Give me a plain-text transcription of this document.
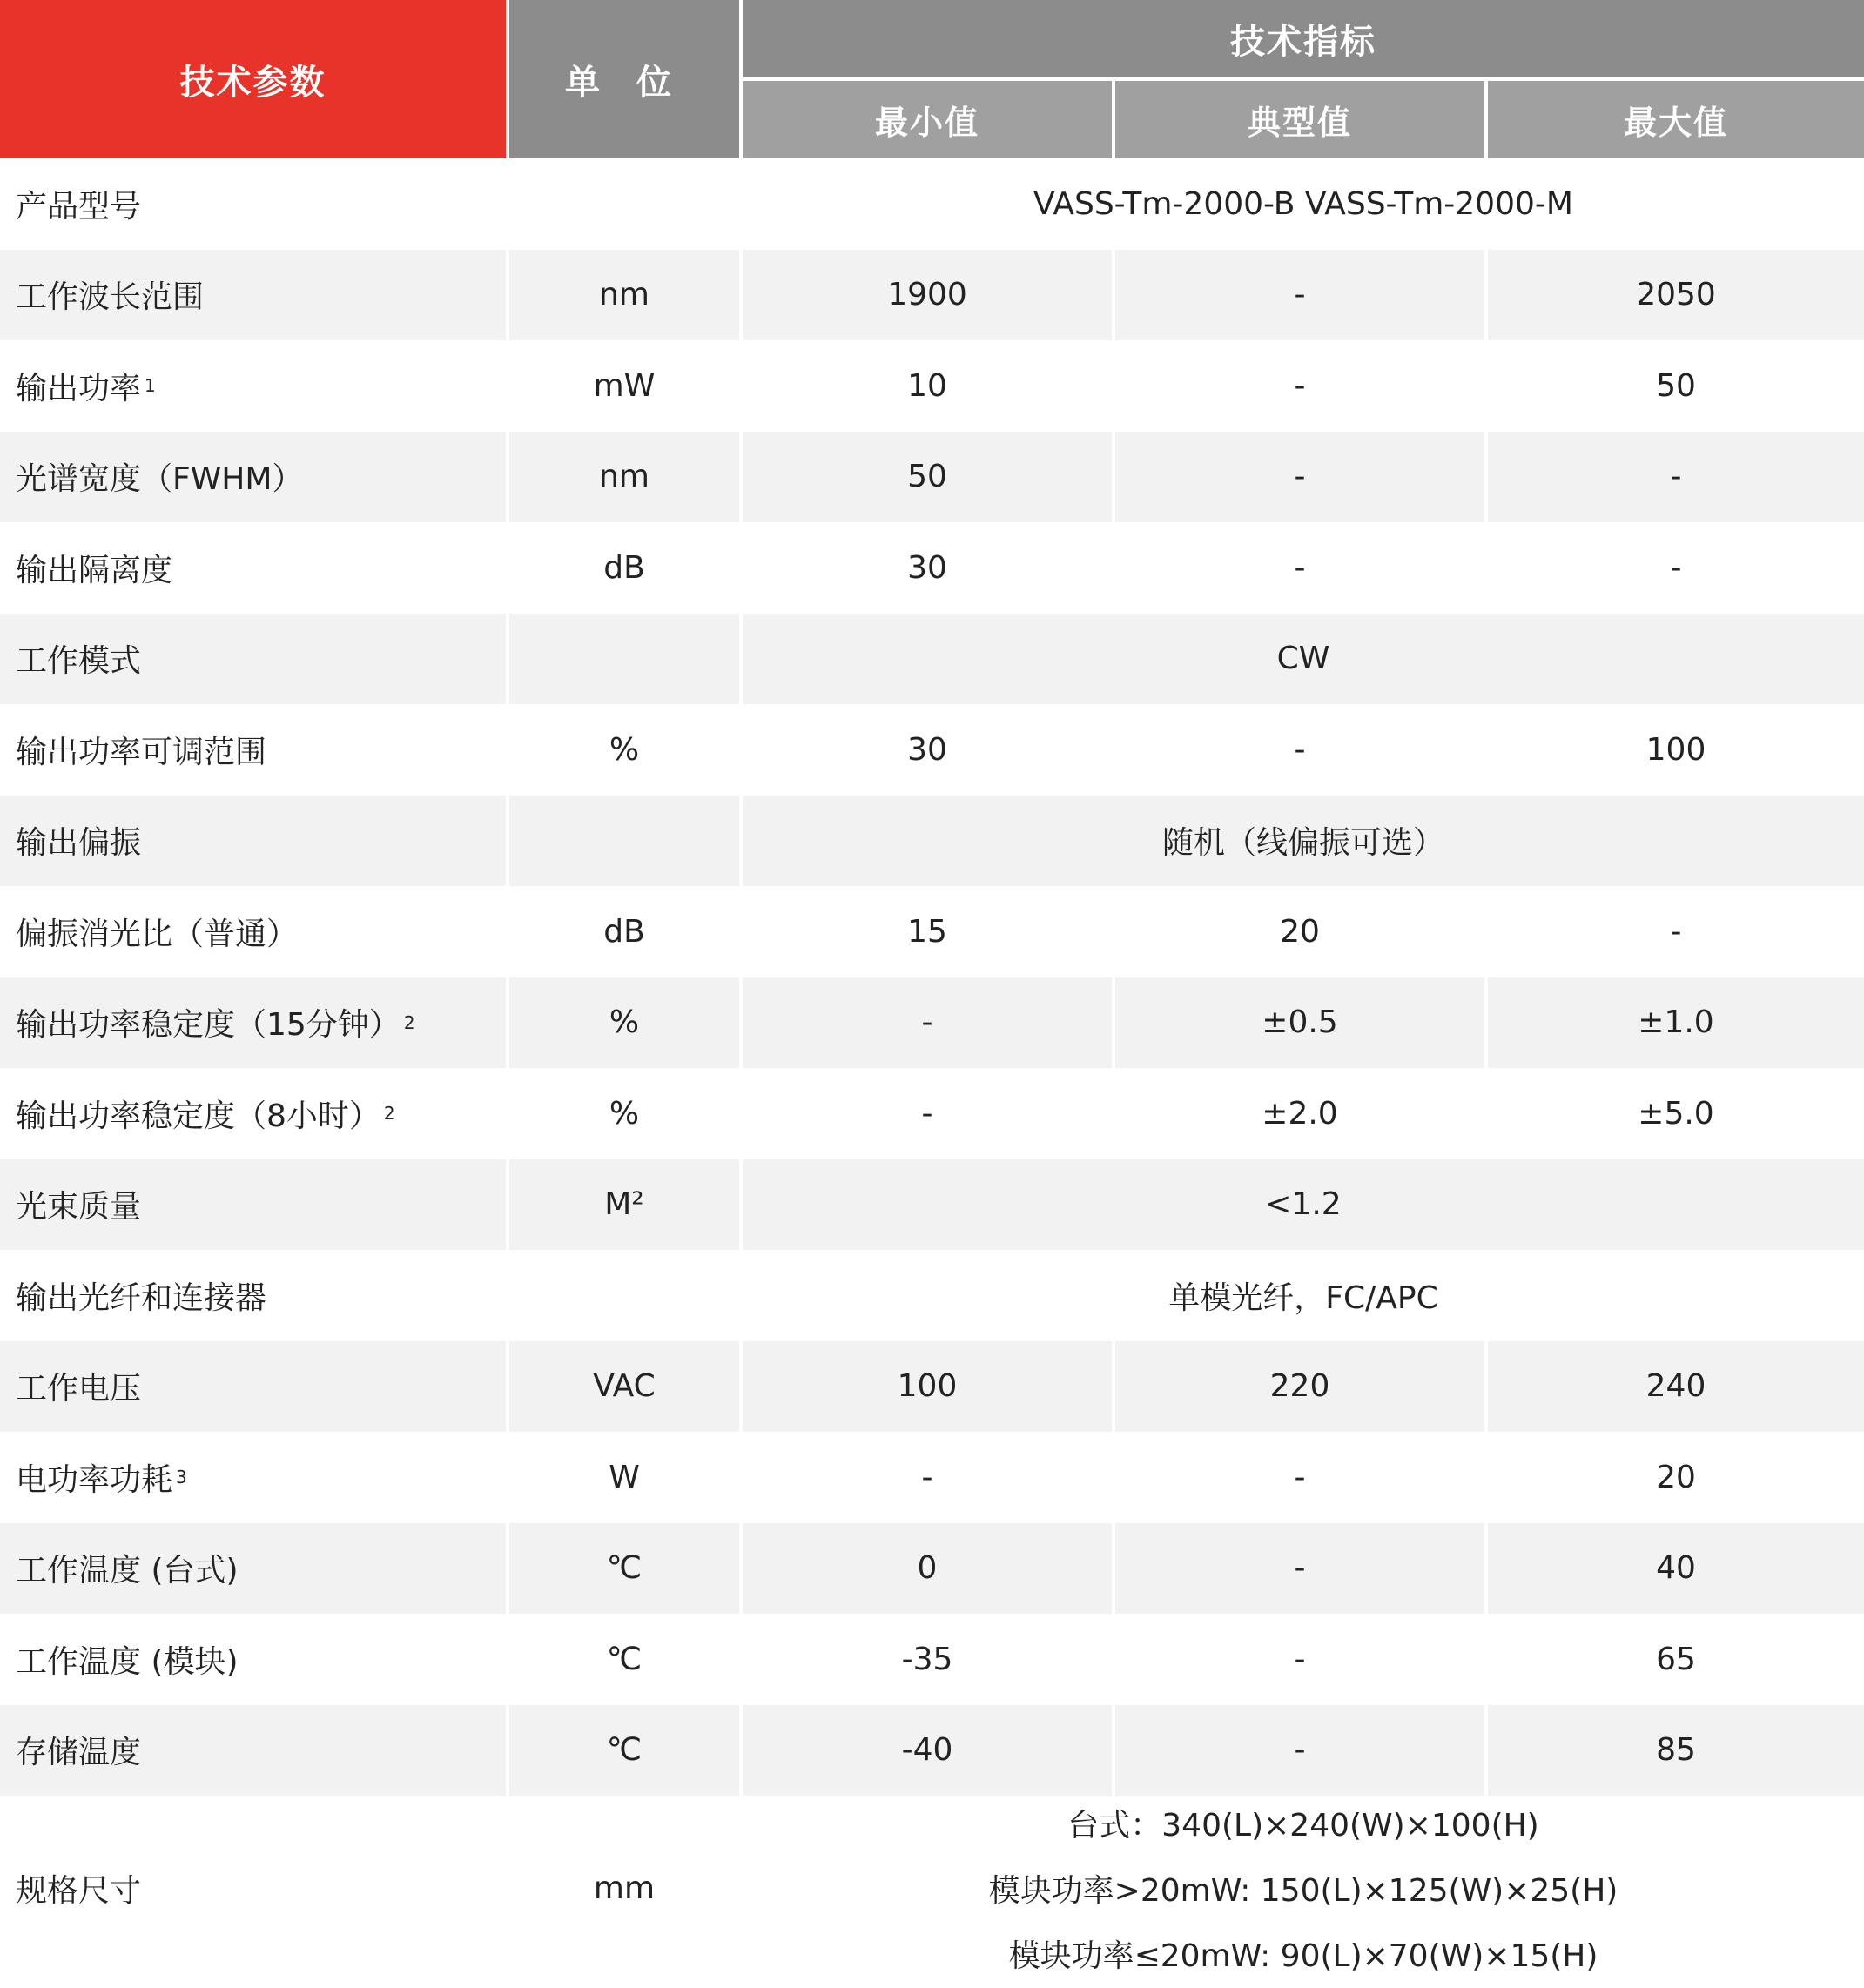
技术参数	单 位
技术指标
最小值	典型值	最大值
产品型号	VASS-Tm-2000-B VASS-Tm-2000-M
工作波长范围	nm	1900	-	2050
输出功率 1	mW	10	-	50
光谱宽度（FWHM）	nm	50	-	-
输出隔离度	dB	30	-	-
工作模式	CW
输出功率可调范围	%	30	-	100
输出偏振	随机（线偏振可选）
偏振消光比（普通）	dB	15	20	-
输出功率稳定度（15分钟） 2	%	-	±0.5	±1.0
输出功率稳定度（8小时） 2	%	-	±2.0	±5.0
光束质量	M²	<1.2
输出光纤和连接器	单模光纤，FC/APC
工作电压	VAC	100	220	240
电功率功耗 3	W	-	-	20
工作温度 (台式)	℃	0	-	40
工作温度 (模块)	℃	-35	-	65
存储温度	℃	-40	-	85
规格尺寸	mm
台式：340(L)×240(W)×100(H)
模块功率>20mW: 150(L)×125(W)×25(H)
模块功率≤20mW: 90(L)×70(W)×15(H)
